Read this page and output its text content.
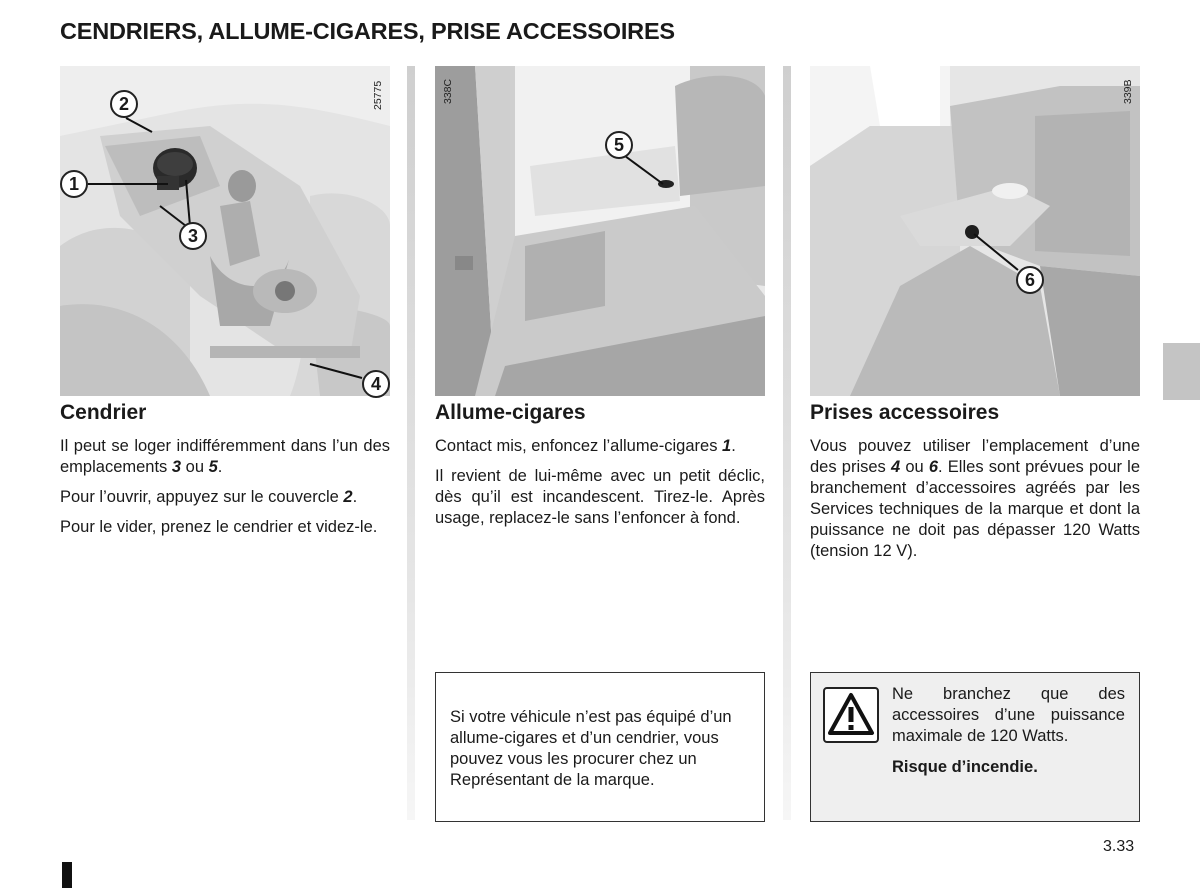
CENDRIERS, ALLUME-CIGARES, PRISE ACCESSOIRES
25775
2
1
3
4
338C
5
339B
6
Cendrier

Il peut se loger indifféremment dans l’un des emplacements 3 ou 5.

Pour l’ouvrir, appuyez sur le couvercle 2.

Pour le vider, prenez le cendrier et videz-le.

Allume-cigares

Contact mis, enfoncez l’allume-cigares 1.

Il revient de lui-même avec un petit déclic, dès qu’il est incandescent. Tirez-le. Après usage, replacez-le sans l’enfoncer à fond.

Si votre véhicule n’est pas équipé d’un allume-cigares et d’un cendrier, vous pouvez vous les procurer chez un Représentant de la marque.

Prises accessoires

Vous pouvez utiliser l’emplacement d’une des prises 4 ou 6. Elles sont prévues pour le branchement d’accessoires agréés par les Services techniques de la marque et dont la puissance ne doit pas dépasser 120 Watts (tension 12 V).

Ne branchez que des accessoires d’une puissance maximale de 120 Watts.

Risque d’incendie.

3.33
